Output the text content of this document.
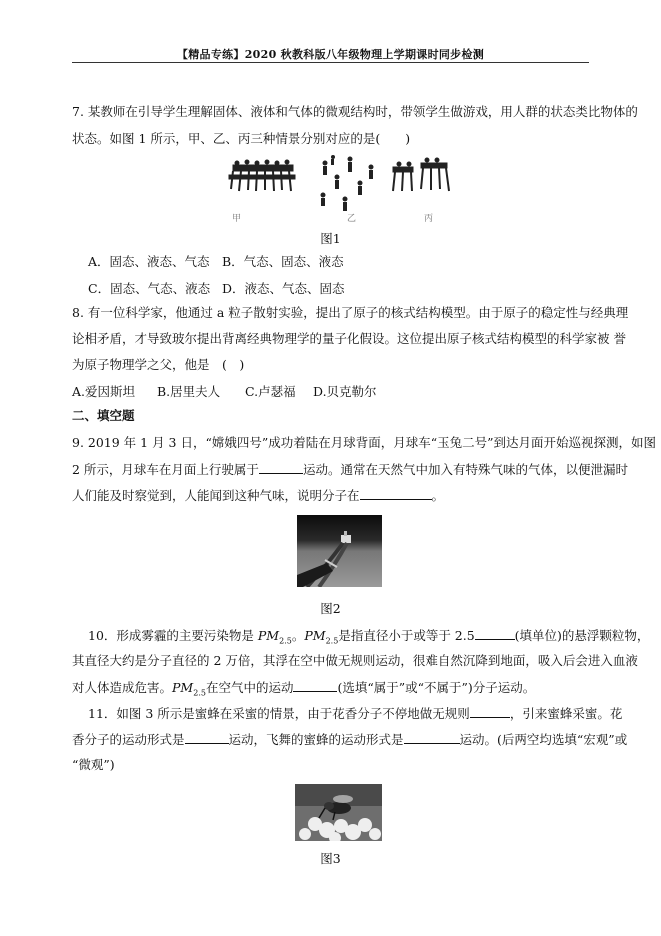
【精品专练】2020 秋教科版八年级物理上学期课时同步检测
7. 某教师在引导学生理解固体、液体和气体的微观结构时，带领学生做游戏，用人群的状态类比物体的
状态。如图 1 所示，甲、乙、丙三种情景分别对应的是(　　)
甲	乙	丙
图1
A．固态、液态、气态 B．气态、固态、液态
C．固态、气态、液态 D．液态、气态、固态
8. 有一位科学家，他通过 a 粒子散射实验，提出了原子的核式结构模型。由于原子的稳定性与经典理
论相矛盾，才导致玻尔提出背离经典物理学的量子化假设。这位提出原子核式结构模型的科学家被 誉
为原子物理学之父，他是　(　)
A.爱因斯坦 B.居里夫人 C.卢瑟福 D.贝克勒尔
二、填空题
9. 2019 年 1 月 3 日，“嫦娥四号”成功着陆在月球背面，月球车“玉兔二号”到达月面开始巡视探测，如图
2 所示，月球车在月面上行驶属于	运动。通常在天然气中加入有特殊气味的气体，以便泄漏时
人们能及时察觉到，人能闻到这种气味，说明分子在	。
图2
10．形成雾霾的主要污染物是 $PM_{2.5}$。$PM_{2.5}$是指直径小于或等于 2.5	(填单位)的悬浮颗粒物，
其直径大约是分子直径的 2 万倍，其浮在空中做无规则运动，很难自然沉降到地面，吸入后会进入血液
对人体造成危害。$PM_{2.5}$在空气中的运动	(选填“属于”或“不属于”)分子运动。
11．如图 3 所示是蜜蜂在采蜜的情景，由于花香分子不停地做无规则	，引来蜜蜂采蜜。花
香分子的运动形式是	运动，飞舞的蜜蜂的运动形式是	运动。(后两空均选填“宏观”或
“微观”)
图3
